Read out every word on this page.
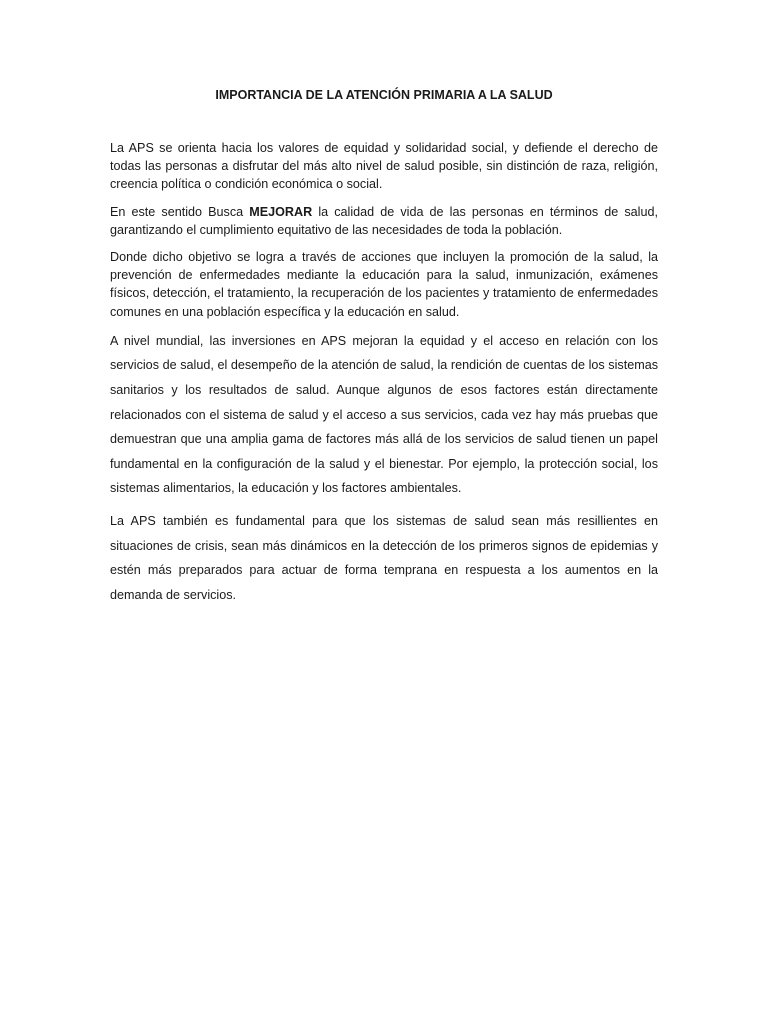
IMPORTANCIA DE LA ATENCIÓN PRIMARIA A LA SALUD

La APS se orienta hacia los valores de equidad y solidaridad social, y defiende el derecho de todas las personas a disfrutar del más alto nivel de salud posible, sin distinción de raza, religión, creencia política o condición económica o social.

En este sentido Busca MEJORAR la calidad de vida de las personas en términos de salud, garantizando el cumplimiento equitativo de las necesidades de toda la población.

Donde dicho objetivo se logra a través de acciones que incluyen la promoción de la salud, la prevención de enfermedades mediante la educación para la salud, inmunización, exámenes físicos, detección, el tratamiento, la recuperación de los pacientes y tratamiento de enfermedades comunes en una población específica y la educación en salud.

A nivel mundial, las inversiones en APS mejoran la equidad y el acceso en relación con los servicios de salud, el desempeño de la atención de salud, la rendición de cuentas de los sistemas sanitarios y los resultados de salud. Aunque algunos de esos factores están directamente relacionados con el sistema de salud y el acceso a sus servicios, cada vez hay más pruebas que demuestran que una amplia gama de factores más allá de los servicios de salud tienen un papel fundamental en la configuración de la salud y el bienestar. Por ejemplo, la protección social, los sistemas alimentarios, la educación y los factores ambientales.

La APS también es fundamental para que los sistemas de salud sean más resillientes en situaciones de crisis, sean más dinámicos en la detección de los primeros signos de epidemias y estén más preparados para actuar de forma temprana en respuesta a los aumentos en la demanda de servicios.
